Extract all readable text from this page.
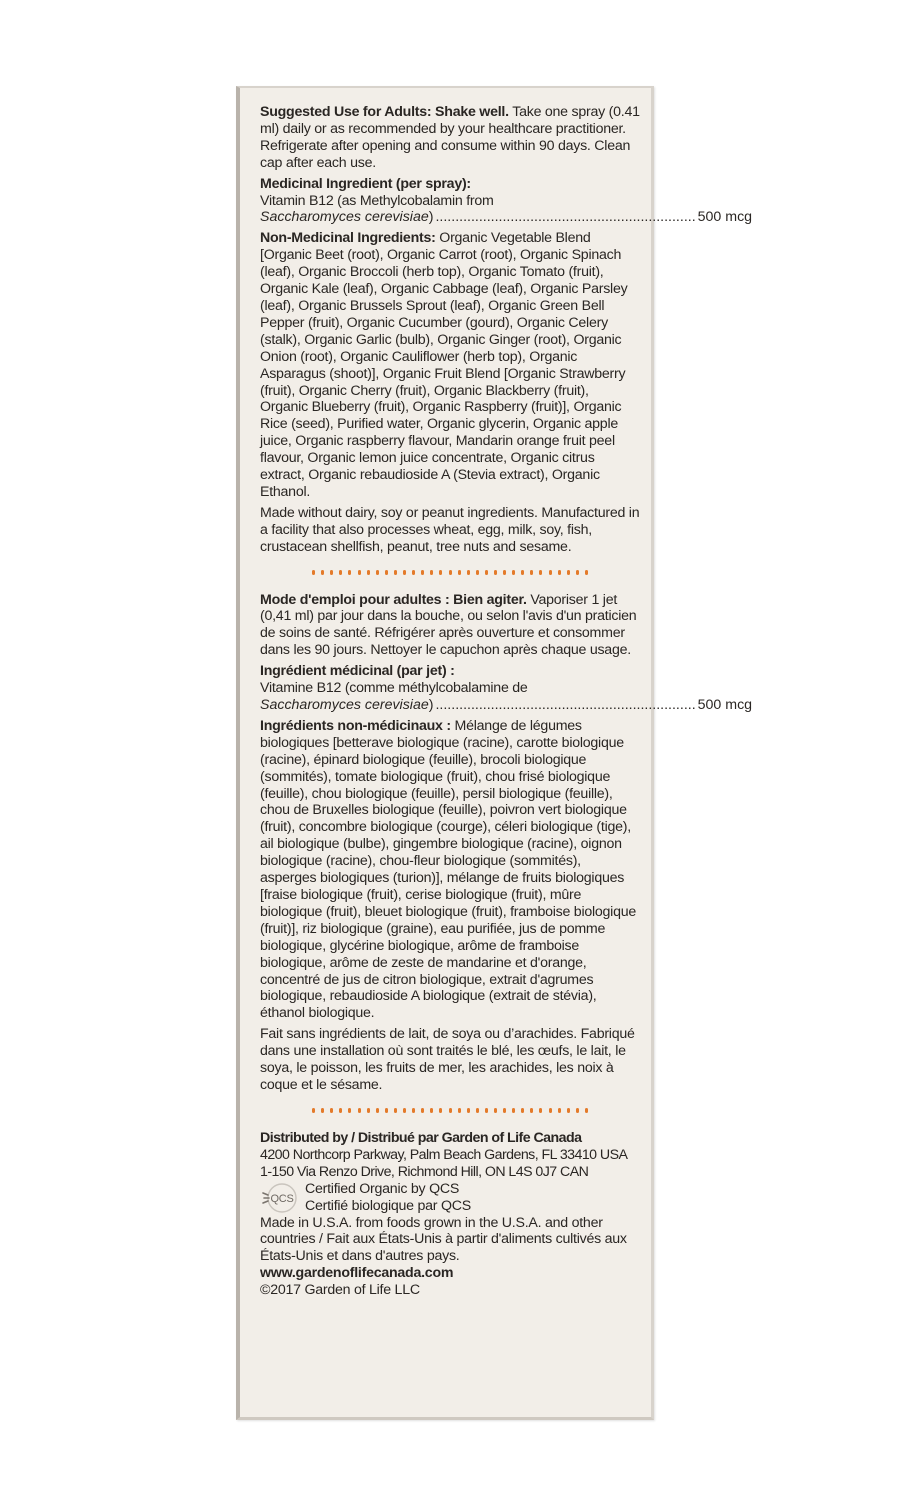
Suggested Use for Adults: Shake well. Take one spray (0.41 ml) daily or as recommended by your healthcare practitioner. Refrigerate after opening and consume within 90 days. Clean cap after each use.
Medicinal Ingredient (per spray):
Vitamin B12 (as Methylcobalamin from
Saccharomyces cerevisiae) .................................................................. 500 mcg
Non-Medicinal Ingredients: Organic Vegetable Blend [Organic Beet (root), Organic Carrot (root), Organic Spinach (leaf), Organic Broccoli (herb top), Organic Tomato (fruit), Organic Kale (leaf), Organic Cabbage (leaf), Organic Parsley (leaf), Organic Brussels Sprout (leaf), Organic Green Bell Pepper (fruit), Organic Cucumber (gourd), Organic Celery (stalk), Organic Garlic (bulb), Organic Ginger (root), Organic Onion (root), Organic Cauliflower (herb top), Organic Asparagus (shoot)], Organic Fruit Blend [Organic Strawberry (fruit), Organic Cherry (fruit), Organic Blackberry (fruit), Organic Blueberry (fruit), Organic Raspberry (fruit)], Organic Rice (seed), Purified water, Organic glycerin, Organic apple juice, Organic raspberry flavour, Mandarin orange fruit peel flavour, Organic lemon juice concentrate, Organic citrus extract, Organic rebaudioside A (Stevia extract), Organic Ethanol.
Made without dairy, soy or peanut ingredients. Manufactured in a facility that also processes wheat, egg, milk, soy, fish, crustacean shellfish, peanut, tree nuts and sesame.
Mode d'emploi pour adultes : Bien agiter. Vaporiser 1 jet (0,41 ml) par jour dans la bouche, ou selon l'avis d'un praticien de soins de santé. Réfrigérer après ouverture et consommer dans les 90 jours. Nettoyer le capuchon après chaque usage.
Ingrédient médicinal (par jet) :
Vitamine B12 (comme méthylcobalamine de
Saccharomyces cerevisiae) .................................................................. 500 mcg
Ingrédients non-médicinaux : Mélange de légumes biologiques [betterave biologique (racine), carotte biologique (racine), épinard biologique (feuille), brocoli biologique (sommités), tomate biologique (fruit), chou frisé biologique (feuille), chou biologique (feuille), persil biologique (feuille), chou de Bruxelles biologique (feuille), poivron vert biologique (fruit), concombre biologique (courge), céleri biologique (tige), ail biologique (bulbe), gingembre biologique (racine), oignon biologique (racine), chou-fleur biologique (sommités), asperges biologiques (turion)], mélange de fruits biologiques [fraise biologique (fruit), cerise biologique (fruit), mûre biologique (fruit), bleuet biologique (fruit), framboise biologique (fruit)], riz biologique (graine), eau purifiée, jus de pomme biologique, glycérine biologique, arôme de framboise biologique, arôme de zeste de mandarine et d'orange, concentré de jus de citron biologique, extrait d'agrumes biologique, rebaudioside A biologique (extrait de stévia), éthanol biologique.
Fait sans ingrédients de lait, de soya ou d’arachides. Fabriqué dans une installation où sont traités le blé, les œufs, le lait, le soya, le poisson, les fruits de mer, les arachides, les noix à coque et le sésame.

Distributed by / Distribué par Garden of Life Canada

4200 Northcorp Parkway, Palm Beach Gardens, FL 33410 USA

1-150 Via Renzo Drive, Richmond Hill, ON L4S 0J7 CAN

QCS
Certified Organic by QCS
Certifié biologique par QCS

Made in U.S.A. from foods grown in the U.S.A. and other countries / Fait aux États-Unis à partir d'aliments cultivés aux États-Unis et dans d'autres pays.

www.gardenoflifecanada.com

©2017 Garden of Life LLC
